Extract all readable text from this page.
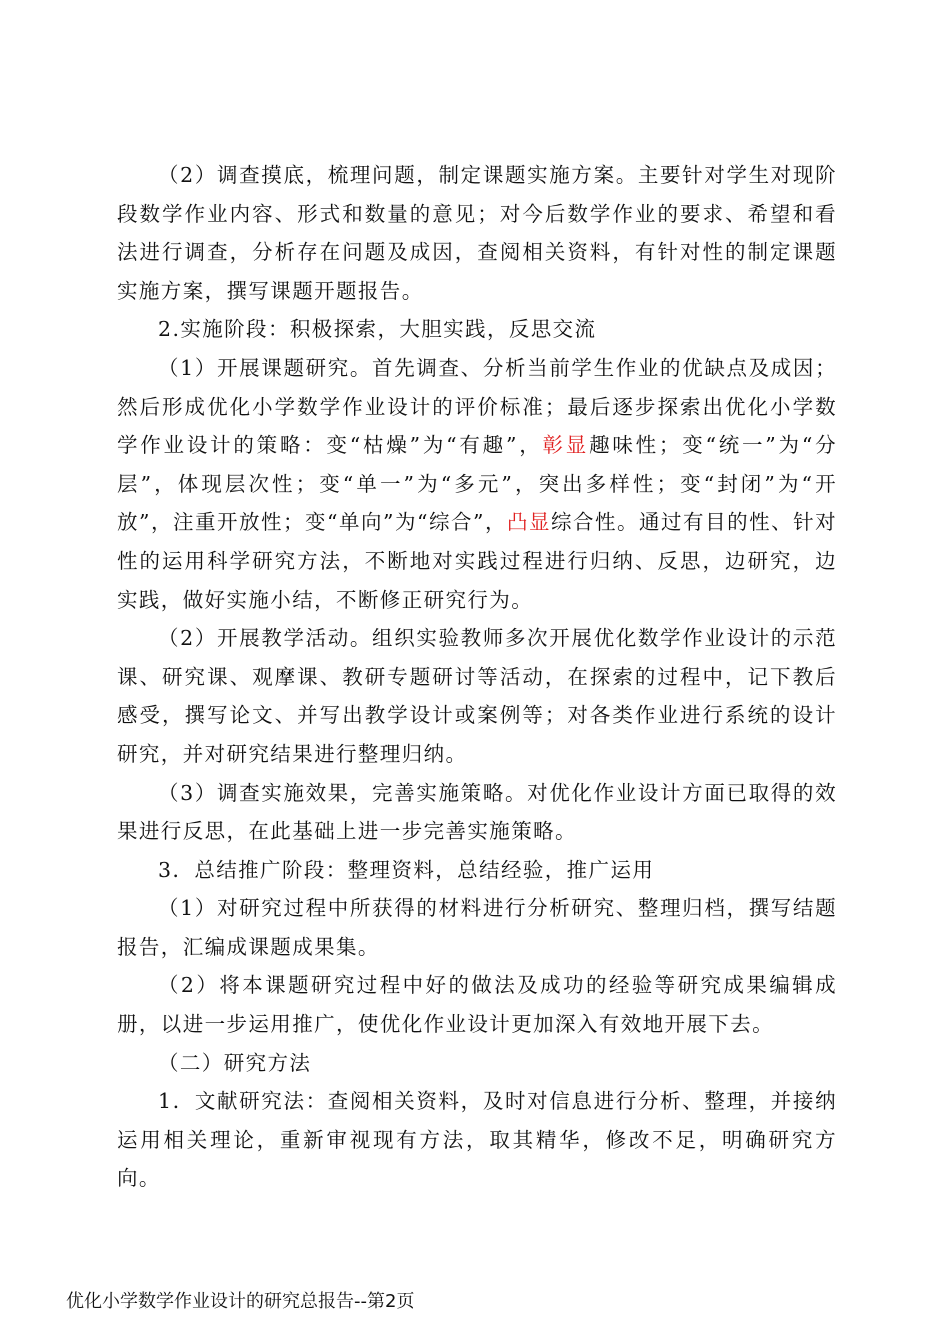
（2）调查摸底，梳理问题，制定课题实施方案。主要针对学生对现阶段数学作业内容、形式和数量的意见；对今后数学作业的要求、希望和看法进行调查，分析存在问题及成因，查阅相关资料，有针对性的制定课题实施方案，撰写课题开题报告。

2.实施阶段：积极探索，大胆实践，反思交流

（1）开展课题研究。首先调查、分析当前学生作业的优缺点及成因；然后形成优化小学数学作业设计的评价标准；最后逐步探索出优化小学数学作业设计的策略：变“枯燥”为“有趣”，彰显趣味性；变“统一”为“分层”，体现层次性；变“单一”为“多元”，突出多样性；变“封闭”为“开放”，注重开放性；变“单向”为“综合”，凸显综合性。通过有目的性、针对性的运用科学研究方法，不断地对实践过程进行归纳、反思，边研究，边实践，做好实施小结，不断修正研究行为。

（2）开展教学活动。组织实验教师多次开展优化数学作业设计的示范课、研究课、观摩课、教研专题研讨等活动，在探索的过程中，记下教后感受，撰写论文、并写出教学设计或案例等；对各类作业进行系统的设计研究，并对研究结果进行整理归纳。

（3）调查实施效果，完善实施策略。对优化作业设计方面已取得的效果进行反思，在此基础上进一步完善实施策略。

3．总结推广阶段：整理资料，总结经验，推广运用

（1）对研究过程中所获得的材料进行分析研究、整理归档，撰写结题报告，汇编成课题成果集。

（2）将本课题研究过程中好的做法及成功的经验等研究成果编辑成册，以进一步运用推广，使优化作业设计更加深入有效地开展下去。

（二）研究方法

1．文献研究法：查阅相关资料，及时对信息进行分析、整理，并接纳运用相关理论，重新审视现有方法，取其精华，修改不足，明确研究方向。

优化小学数学作业设计的研究总报告--第2页
